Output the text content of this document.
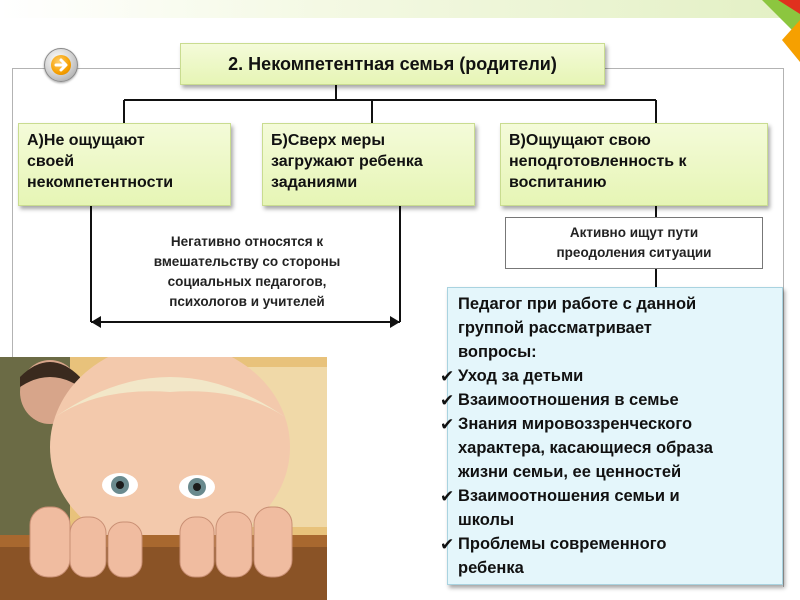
2. Некомпетентная семья (родители)
А)Не ощущают
своей
некомпетентности
Б)Сверх меры
загружают ребенка
заданиями
В)Ощущают свою
неподготовленность к
воспитанию
Негативно относятся к
вмешательству со стороны
социальных педагогов,
психологов и учителей
Активно ищут пути
преодоления ситуации
Педагог при работе с данной
группой рассматривает
вопросы:
✔ Уход за детьми
✔ Взаимоотношения в семье
✔ Знания мировоззренческого
характера, касающиеся образа
жизни семьи, ее ценностей
✔ Взаимоотношения семьи и
школы
✔ Проблемы современного
ребенка
